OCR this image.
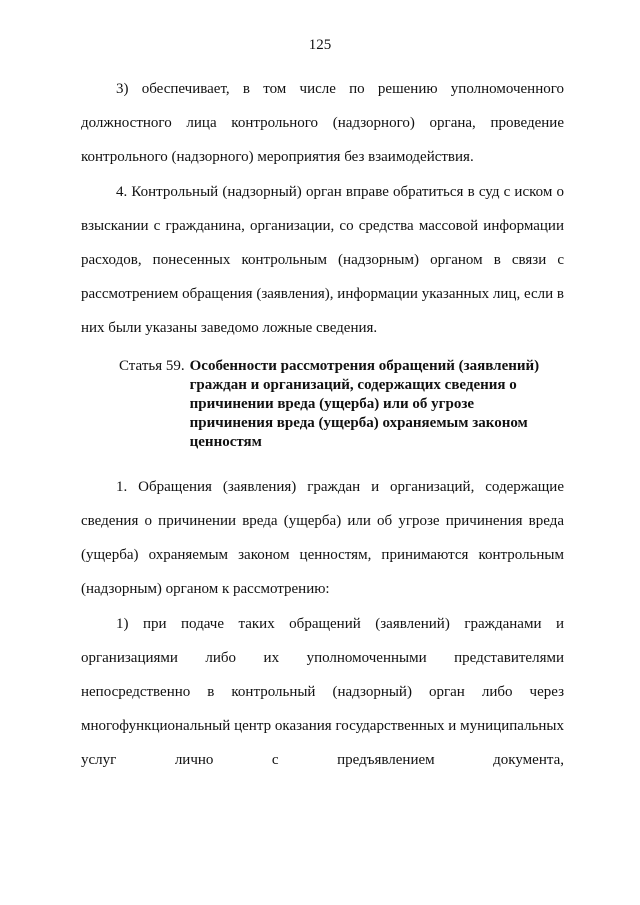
125

3) обеспечивает, в том числе по решению уполномоченного должностного лица контрольного (надзорного) органа, проведение контрольного (надзорного) мероприятия без взаимодействия.

4. Контрольный (надзорный) орган вправе обратиться в суд с иском о взыскании с гражданина, организации, со средства массовой информации расходов, понесенных контрольным (надзорным) органом в связи с рассмотрением обращения (заявления), информации указанных лиц, если в них были указаны заведомо ложные сведения.

Статья 59. Особенности рассмотрения обращений (заявлений) граждан и организаций, содержащих сведения о причинении вреда (ущерба) или об угрозе причинения вреда (ущерба) охраняемым законом ценностям

1. Обращения (заявления) граждан и организаций, содержащие сведения о причинении вреда (ущерба) или об угрозе причинения вреда (ущерба) охраняемым законом ценностям, принимаются контрольным (надзорным) органом к рассмотрению:

1) при подаче таких обращений (заявлений) гражданами и организациями либо их уполномоченными представителями непосредственно в контрольный (надзорный) орган либо через многофункциональный центр оказания государственных и муниципальных услуг лично с предъявлением документа,
